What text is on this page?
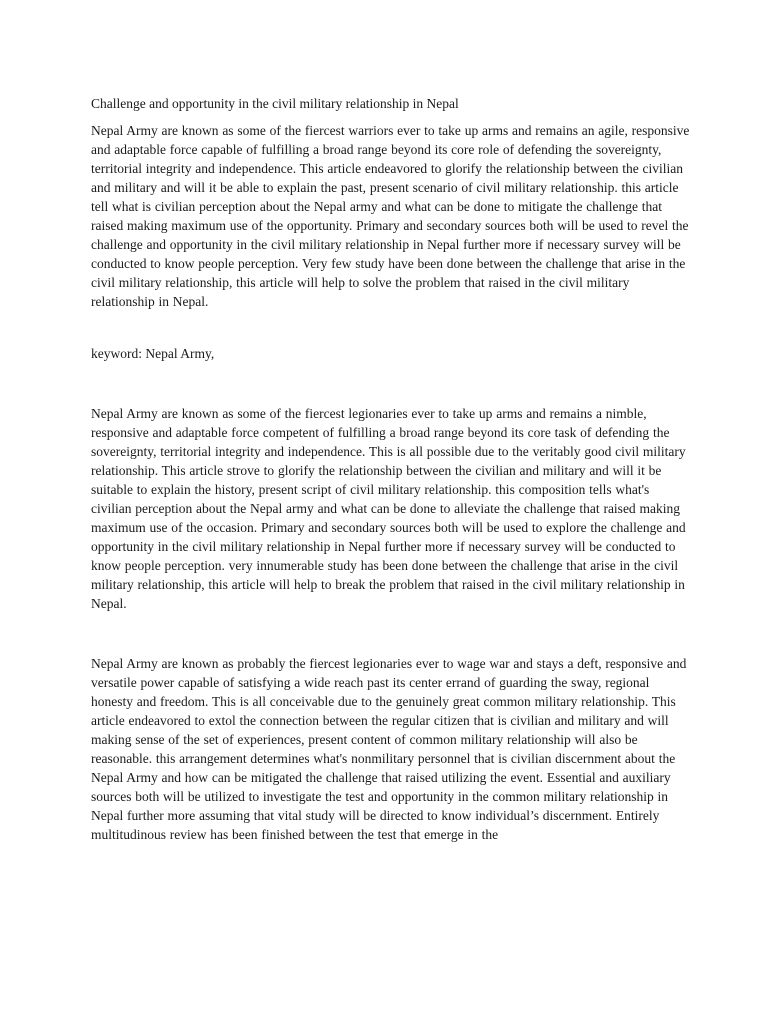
Challenge and opportunity in the civil military relationship in Nepal

Nepal Army are known as some of the fiercest warriors ever to take up arms and remains an agile, responsive and adaptable force capable of fulfilling a broad range beyond its core role of defending the sovereignty, territorial integrity and independence. This article endeavored to glorify the relationship between the civilian and military and will it be able to explain the past, present scenario of civil military relationship. this article tell what is civilian perception about the Nepal army and what can be done to mitigate the challenge that raised making maximum use of the opportunity. Primary and secondary sources both will be used to revel the challenge and opportunity in the civil military relationship in Nepal further more if necessary survey will be conducted to know people perception. Very few study have been done between the challenge that arise in the civil military relationship, this article will help to solve the problem that raised in the civil military relationship in Nepal.

keyword: Nepal Army,

Nepal Army are known as some of the fiercest legionaries ever to take up arms and remains a nimble, responsive and adaptable force competent of fulfilling a broad range beyond its core task of defending the sovereignty, territorial integrity and independence. This is all possible due to the veritably good civil military relationship. This article strove to glorify the relationship between the civilian and military and will it be suitable to explain the history, present script of civil military relationship. this composition tells what's civilian perception about the Nepal army and what can be done to alleviate the challenge that raised making maximum use of the occasion. Primary and secondary sources both will be used to explore the challenge and opportunity in the civil military relationship in Nepal further more if necessary survey will be conducted to know people perception. very innumerable study has been done between the challenge that arise in the civil military relationship, this article will help to break the problem that raised in the civil military relationship in Nepal.

Nepal Army are known as probably the fiercest legionaries ever to wage war and stays a deft, responsive and versatile power capable of satisfying a wide reach past its center errand of guarding the sway, regional honesty and freedom. This is all conceivable due to the genuinely great common military relationship. This article endeavored to extol the connection between the regular citizen that is civilian and military and will making sense of the set of experiences, present content of common military relationship will also be reasonable. this arrangement determines what's nonmilitary personnel that is civilian discernment about the Nepal Army and how can be mitigated the challenge that raised utilizing the event. Essential and auxiliary sources both will be utilized to investigate the test and opportunity in the common military relationship in Nepal further more assuming that vital study will be directed to know individual’s discernment. Entirely multitudinous review has been finished between the test that emerge in the
